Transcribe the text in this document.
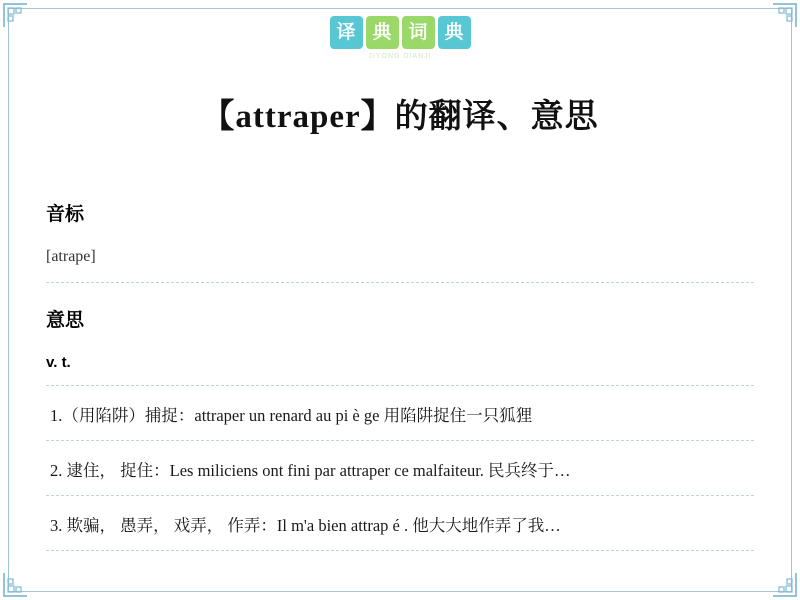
译 典 词 典
JIYONG DIANJI
【attraper】的翻译、意思
音标
[atrape]
意思
v. t.
1.（用陷阱）捕捉：attraper un renard au pi è ge 用陷阱捉住一只狐狸
2. 逮住， 捉住：Les miliciens ont fini par attraper ce malfaiteur. 民兵终于…
3. 欺骗， 愚弄， 戏弄， 作弄：Il m'a bien attrap é . 他大大地作弄了我…
